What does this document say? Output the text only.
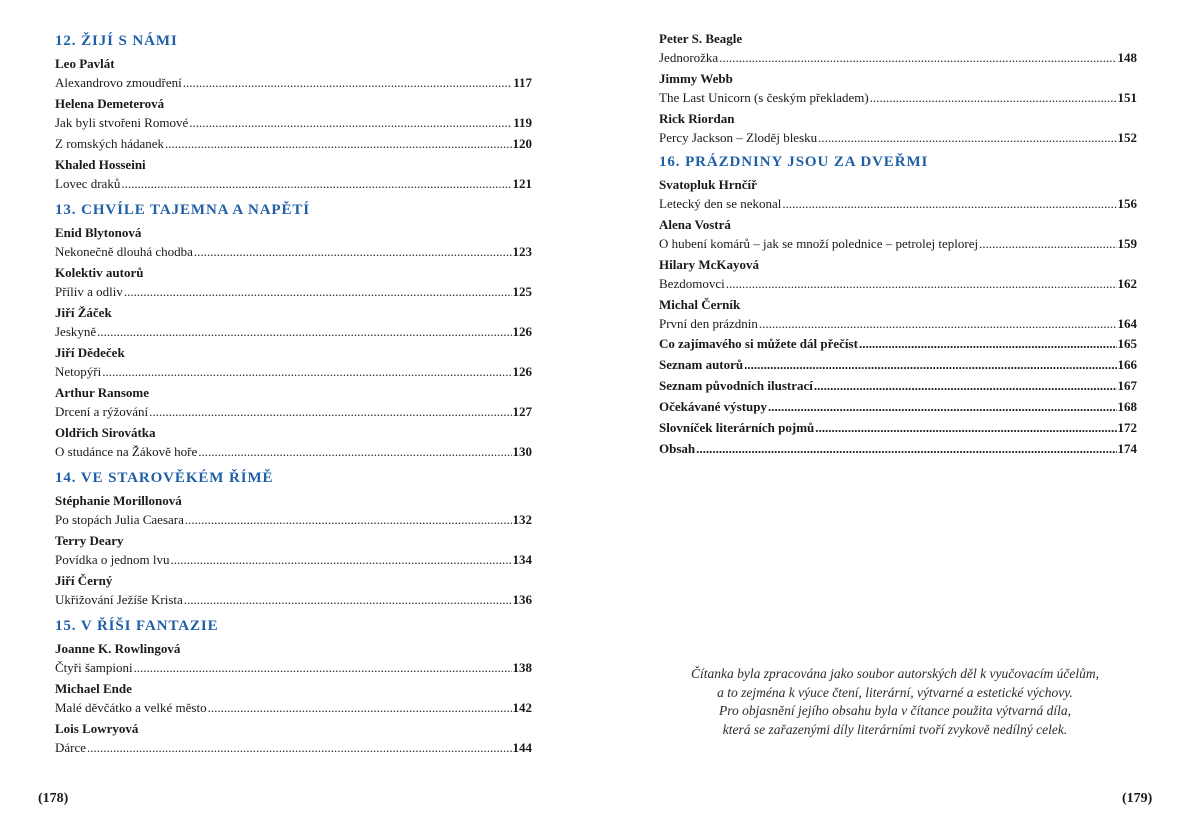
12. ŽIJÍ S NÁMI
Leo Pavlát
Alexandrovo zmoudření .....	117
Helena Demeterová
Jak byli stvořeni Romové .....	119
Z romských hádanek .....	120
Khaled Hosseini
Lovec draků .....	121
13. CHVÍLE TAJEMNA A NAPĚTÍ
Enid Blytonová
Nekonečně dlouhá chodba .....	123
Kolektiv autorů
Příliv a odliv .....	125
Jiří Žáček
Jeskyně .....	126
Jiří Dědeček
Netopýři .....	126
Arthur Ransome
Drcení a rýžování .....	127
Oldřich Sirovátka
O studánce na Žákově hoře .....	130
14. VE STAROVĚKÉM ŘÍMĚ
Stéphanie Morillonová
Po stopách Julia Caesara .....	132
Terry Deary
Povídka o jednom lvu .....	134
Jiří Černý
Ukřižování Ježíše Krista .....	136
15. V ŘÍŠI FANTAZIE
Joanne K. Rowlingová
Čtyři šampioni .....	138
Michael Ende
Malé děvčátko a velké město .....	142
Lois Lowryová
Dárce .....	144
Peter S. Beagle
Jednorožka .....	148
Jimmy Webb
The Last Unicorn (s českým překladem) .....	151
Rick Riordan
Percy Jackson – Zloděj blesku .....	152
16. PRÁZDNINY JSOU ZA DVEŘMI
Svatopluk Hrnčíř
Letecký den se nekonal .....	156
Alena Vostrá
O hubení komárů – jak se množí polednice – petrolej teplorej .....	159
Hilary McKayová
Bezdomovci .....	162
Michal Černík
První den prázdnin .....	164
Co zajímavého si můžete dál přečíst .....	165
Seznam autorů .....	166
Seznam původních ilustrací .....	167
Očekávané výstupy .....	168
Slovníček literárních pojmů .....	172
Obsah .....	174
Čítanka byla zpracována jako soubor autorských děl k vyučovacím účelům,
a to zejména k výuce čtení, literární, výtvarné a estetické výchovy.
Pro objasnění jejího obsahu byla v čítance použita výtvarná díla,
která se zařazenými díly literárními tvoří zvykově nedílný celek.
(178)	(179)
